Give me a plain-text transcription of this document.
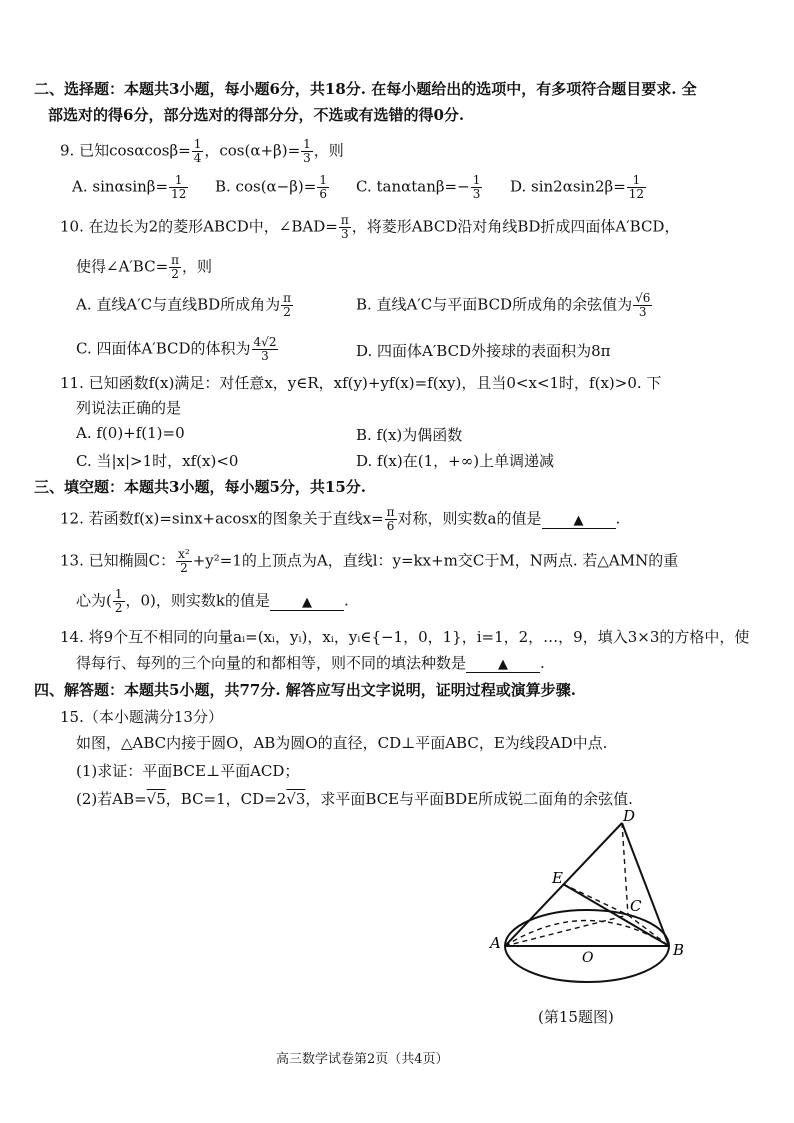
二、选择题：本题共3小题，每小题6分，共18分. 在每小题给出的选项中，有多项符合题目要求. 全
部选对的得6分，部分选对的得部分分，不选或有选错的得0分.
9. 已知$\cos\alpha\cos\beta= \frac{1}{4}$ ，$\cos(\alpha+\beta)= \frac{1}{3}$ ，则
A. $\sin\alpha\sin\beta= \frac{1}{12} B$. $\cos(\alpha-\beta)= \frac{1}{6} C$. $\tan\alpha\tan\beta=- \frac{1}{3} D$. $\sin 2\alpha\sin 2\beta= \frac{1}{12}$
10. 在边长为2的菱形ABCD中，∠BAD= $\frac{\pi}{3}$ ，将菱形ABCD沿对角线BD折成四面体A′BCD，
使得∠A′BC= $\frac{\pi}{2}$ ，则
A. 直线A′C与直线BD所成角为 $\frac{\pi}{2}$	B. 直线A′C与平面BCD所成角的余弦值为 $\frac{√6}{3}$
C. 四面体A′BCD的体积为 $\frac{4√2}{3}$	D. 四面体A′BCD外接球的表面积为8π
11. 已知函数f(x)满足：对任意x，y∈R，xf(y)+yf(x)=f(xy)，且当0<x<1时，f(x)>0. 下
列说法正确的是
A. f(0)+f(1)=0	B. f(x)为偶函数
C. 当|x|>1时，xf(x)<0	D. f(x)在(1，+∞)上单调递减
三、填空题：本题共3小题，每小题5分，共15分.
12. 若函数f(x)=sinx+acosx的图象关于直线$x= \frac{\pi}{6}$ 对称，则实数a的值是 ▲ .
13. 已知椭圆C： $\frac{\text{x²}}{2} +y^2=1$的上顶点为A，直线l：y=kx+m交C于M，N两点. 若△AMN的重
心为( $\frac{1}{2}$ ，0)，则实数k的值是 ▲ .
14. 将9个互不相同的向量aᵢ=(xᵢ，yᵢ)，xᵢ，yᵢ∈{−1，0，1}，i=1，2，…，9，填入3×3的方格中，使
得每行、每列的三个向量的和都相等，则不同的填法种数是 ▲ .
四、解答题：本题共5小题，共77分. 解答应写出文字说明，证明过程或演算步骤.
15.（本小题满分13分）
如图，△ABC内接于圆O，AB为圆O的直径，CD⊥平面ABC，E为线段AD中点.
(1)求证：平面BCE⊥平面ACD；
(2)若AB=√5，BC=1，CD=2√3，求平面BCE与平面BDE所成锐二面角的余弦值.
D
E
C
A	B
O
(第15题图)
高三数学试卷第2页（共4页）
